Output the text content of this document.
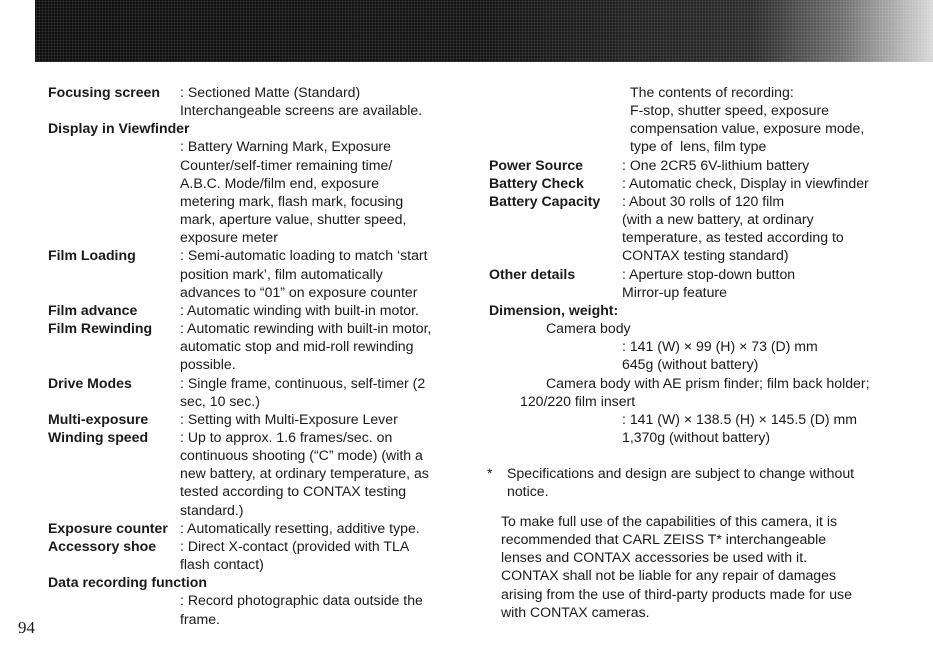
Focusing screen	: Sectioned Matte (Standard)
Interchangeable screens are available.
Display in Viewfinder
: Battery Warning Mark, Exposure
Counter/self-timer remaining time/
A.B.C. Mode/film end, exposure
metering mark, flash mark, focusing
mark, aperture value, shutter speed,
exposure meter
Film Loading	: Semi-automatic loading to match ‘start
position mark’, film automatically
advances to “01” on exposure counter
Film advance	: Automatic winding with built-in motor.
Film Rewinding	: Automatic rewinding with built-in motor,
automatic stop and mid-roll rewinding
possible.
Drive Modes	: Single frame, continuous, self-timer (2
sec, 10 sec.)
Multi-exposure	: Setting with Multi-Exposure Lever
Winding speed	: Up to approx. 1.6 frames/sec. on
continuous shooting (“C” mode) (with a
new battery, at ordinary temperature, as
tested according to CONTAX testing
standard.)
Exposure counter : Automatically resetting, additive type.
Accessory shoe	: Direct X-contact (provided with TLA
flash contact)
Data recording function
: Record photographic data outside the
frame.
The contents of recording:
F-stop, shutter speed, exposure
compensation value, exposure mode,
type of  lens, film type
Power Source	: One 2CR5 6V-lithium battery
Battery Check	: Automatic check, Display in viewfinder
Battery Capacity	: About 30 rolls of 120 film
(with a new battery, at ordinary
temperature, as tested according to
CONTAX testing standard)
Other details	: Aperture stop-down button
Mirror-up feature
Dimension, weight:
Camera body
: 141 (W) × 99 (H) × 73 (D) mm
645g (without battery)
Camera body with AE prism finder; film back holder;
120/220 film insert
: 141 (W) × 138.5 (H) × 145.5 (D) mm
1,370g (without battery)
* Specifications and design are subject to change without
notice.
To make full use of the capabilities of this camera, it is
recommended that CARL ZEISS T* interchangeable
lenses and CONTAX accessories be used with it.
CONTAX shall not be liable for any repair of damages
arising from the use of third-party products made for use
with CONTAX cameras.
94
